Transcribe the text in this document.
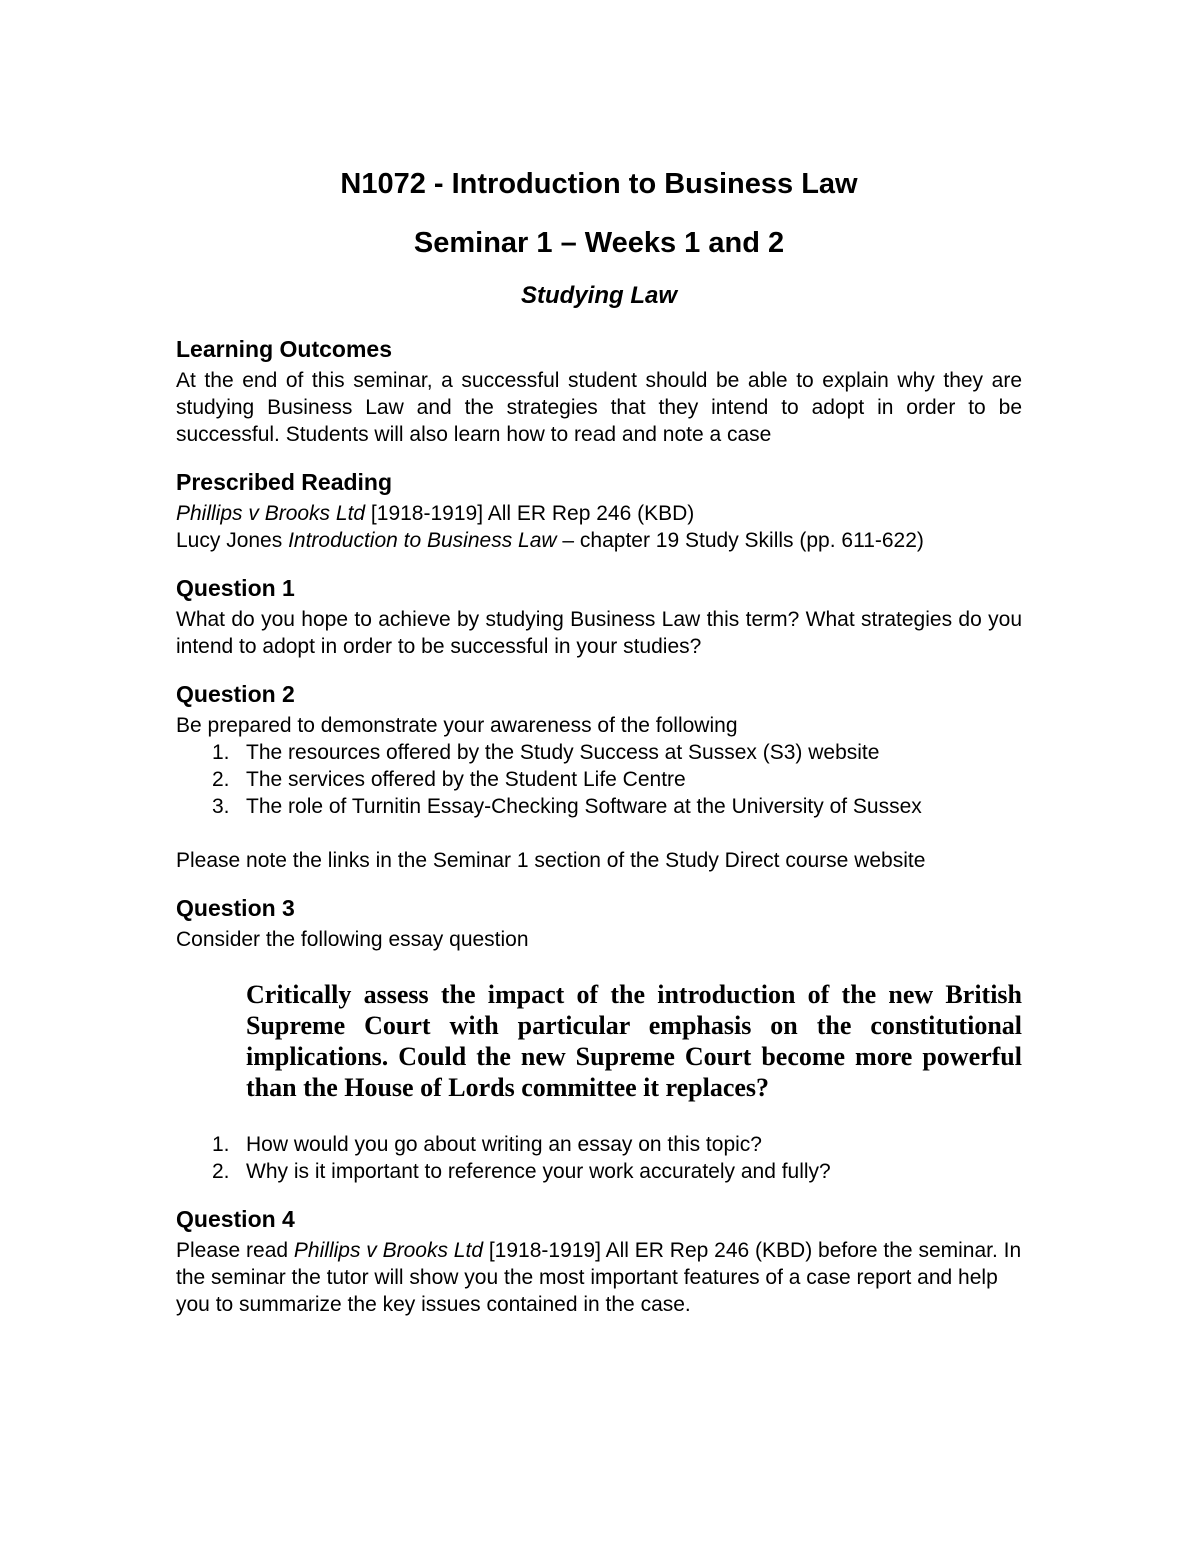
N1072 - Introduction to Business Law
Seminar 1 – Weeks 1 and 2
Studying Law
Learning Outcomes

At the end of this seminar, a successful student should be able to explain why they are studying Business Law and the strategies that they intend to adopt in order to be successful. Students will also learn how to read and note a case

Prescribed Reading

Phillips v Brooks Ltd [1918-1919] All ER Rep 246 (KBD)

Lucy Jones Introduction to Business Law – chapter 19 Study Skills (pp. 611-622)

Question 1

What do you hope to achieve by studying Business Law this term? What strategies do you intend to adopt in order to be successful in your studies?

Question 2

Be prepared to demonstrate your awareness of the following

1. The resources offered by the Study Success at Sussex (S3) website
2. The services offered by the Student Life Centre
3. The role of Turnitin Essay-Checking Software at the University of Sussex

Please note the links in the Seminar 1 section of the Study Direct course website

Question 3

Consider the following essay question

Critically assess the impact of the introduction of the new British Supreme Court with particular emphasis on the constitutional implications. Could the new Supreme Court become more powerful than the House of Lords committee it replaces?
1. How would you go about writing an essay on this topic?
2. Why is it important to reference your work accurately and fully?
Question 4

Please read Phillips v Brooks Ltd [1918-1919] All ER Rep 246 (KBD) before the seminar. In the seminar the tutor will show you the most important features of a case report and help you to summarize the key issues contained in the case.
